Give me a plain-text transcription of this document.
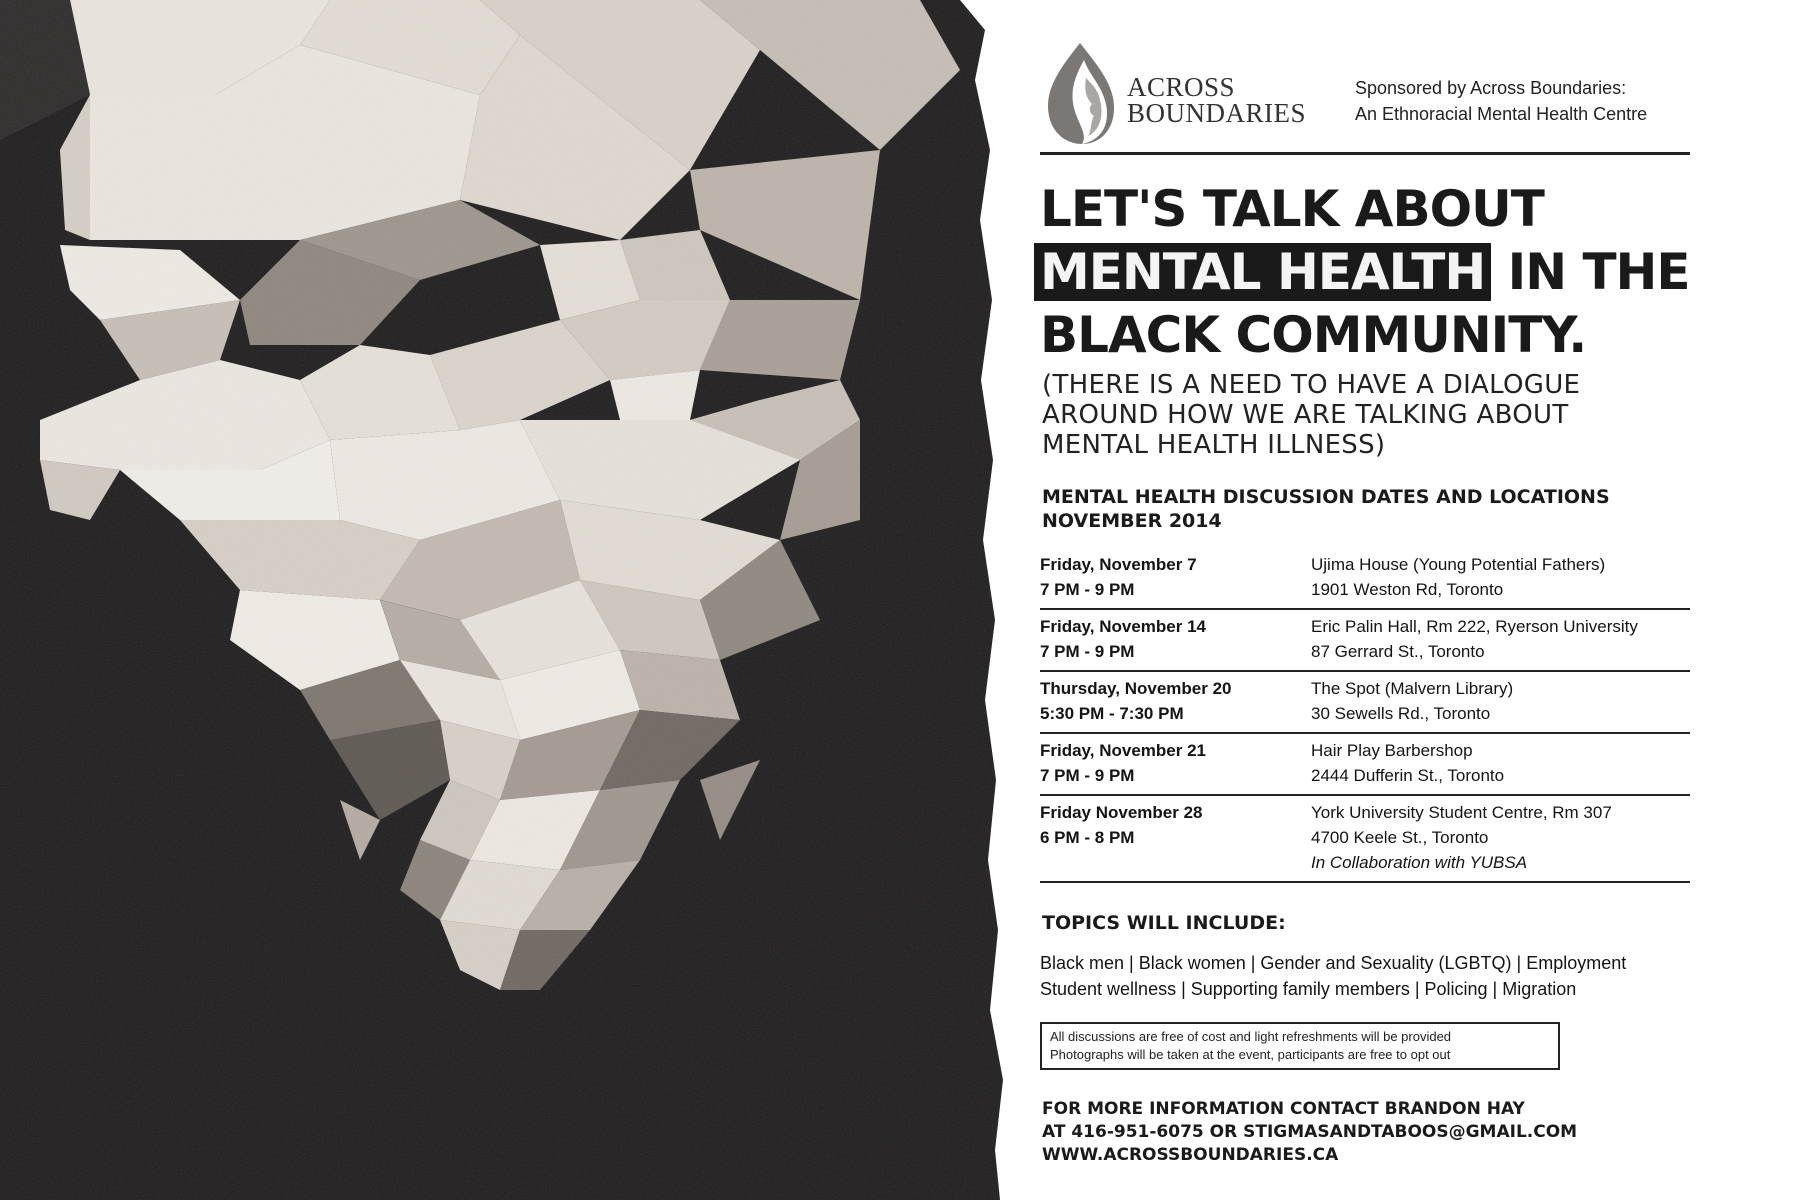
ACROSS
BOUNDARIES
Sponsored by Across Boundaries:
An Ethnoracial Mental Health Centre
LET'S TALK ABOUT
MENTAL HEALTH IN THE
BLACK COMMUNITY.
(THERE IS A NEED TO HAVE A DIALOGUE
AROUND HOW WE ARE TALKING ABOUT
MENTAL HEALTH ILLNESS)
MENTAL HEALTH DISCUSSION DATES AND LOCATIONS
NOVEMBER 2014
Friday, November 7
7 PM - 9 PM
Ujima House (Young Potential Fathers)
1901 Weston Rd, Toronto
Friday, November 14
7 PM - 9 PM
Eric Palin Hall, Rm 222, Ryerson University
87 Gerrard St., Toronto
Thursday, November 20
5:30 PM - 7:30 PM
The Spot (Malvern Library)
30 Sewells Rd., Toronto
Friday, November 21
7 PM - 9 PM
Hair Play Barbershop
2444 Dufferin St., Toronto
Friday November 28
6 PM - 8 PM
York University Student Centre, Rm 307
4700 Keele St., Toronto
In Collaboration with YUBSA
TOPICS WILL INCLUDE:
Black men | Black women | Gender and Sexuality (LGBTQ) | Employment
Student wellness | Supporting family members | Policing | Migration
All discussions are free of cost and light refreshments will be provided
Photographs will be taken at the event, participants are free to opt out
FOR MORE INFORMATION CONTACT BRANDON HAY
AT 416-951-6075 OR STIGMASANDTABOOS@GMAIL.COM
WWW.ACROSSBOUNDARIES.CA
